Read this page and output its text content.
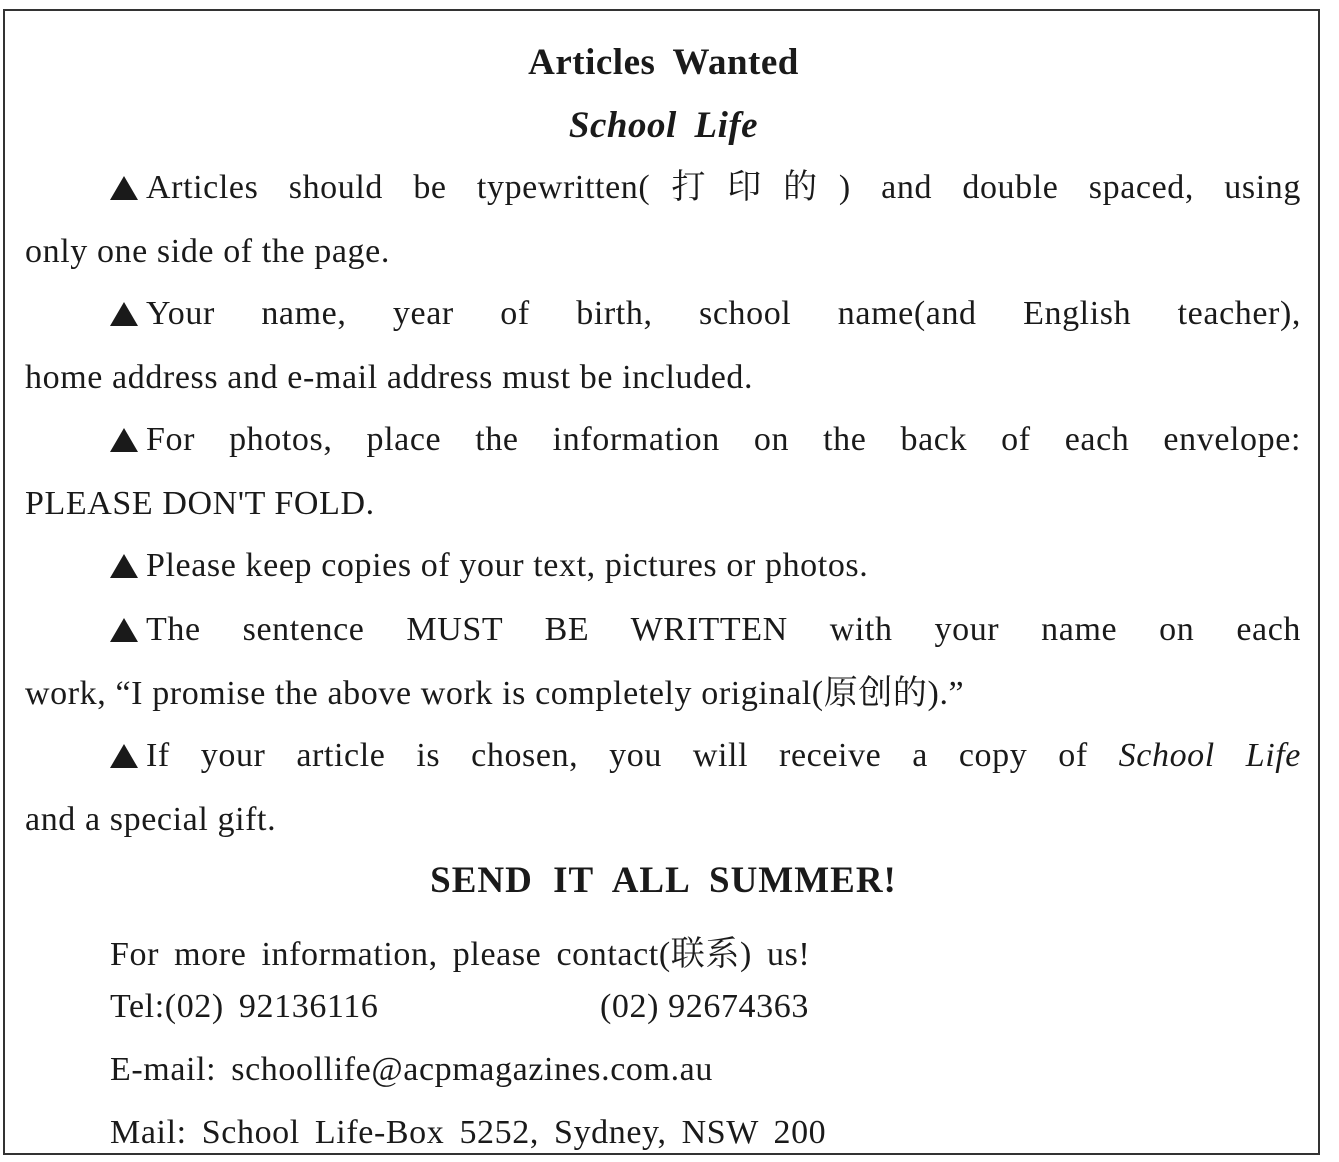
Articles Wanted
School Life
Articles should be typewritten(打印的) and double spaced, using
only one side of the page.
Your name, year of birth, school name(and English teacher),
home address and e-mail address must be included.
For photos, place the information on the back of each envelope:
PLEASE DON'T FOLD.
Please keep copies of your text, pictures or photos.
The sentence MUST BE WRITTEN with your name on each
work, “I promise the above work is completely original(原创的).”
If your article is chosen, you will receive a copy of School Life
and a special gift.
SEND IT ALL SUMMER!
For more information, please contact(联系) us!
Tel:(02) 92136116	(02) 92674363
E-mail: schoollife@acpmagazines.com.au
Mail: School Life-Box 5252, Sydney, NSW 200
